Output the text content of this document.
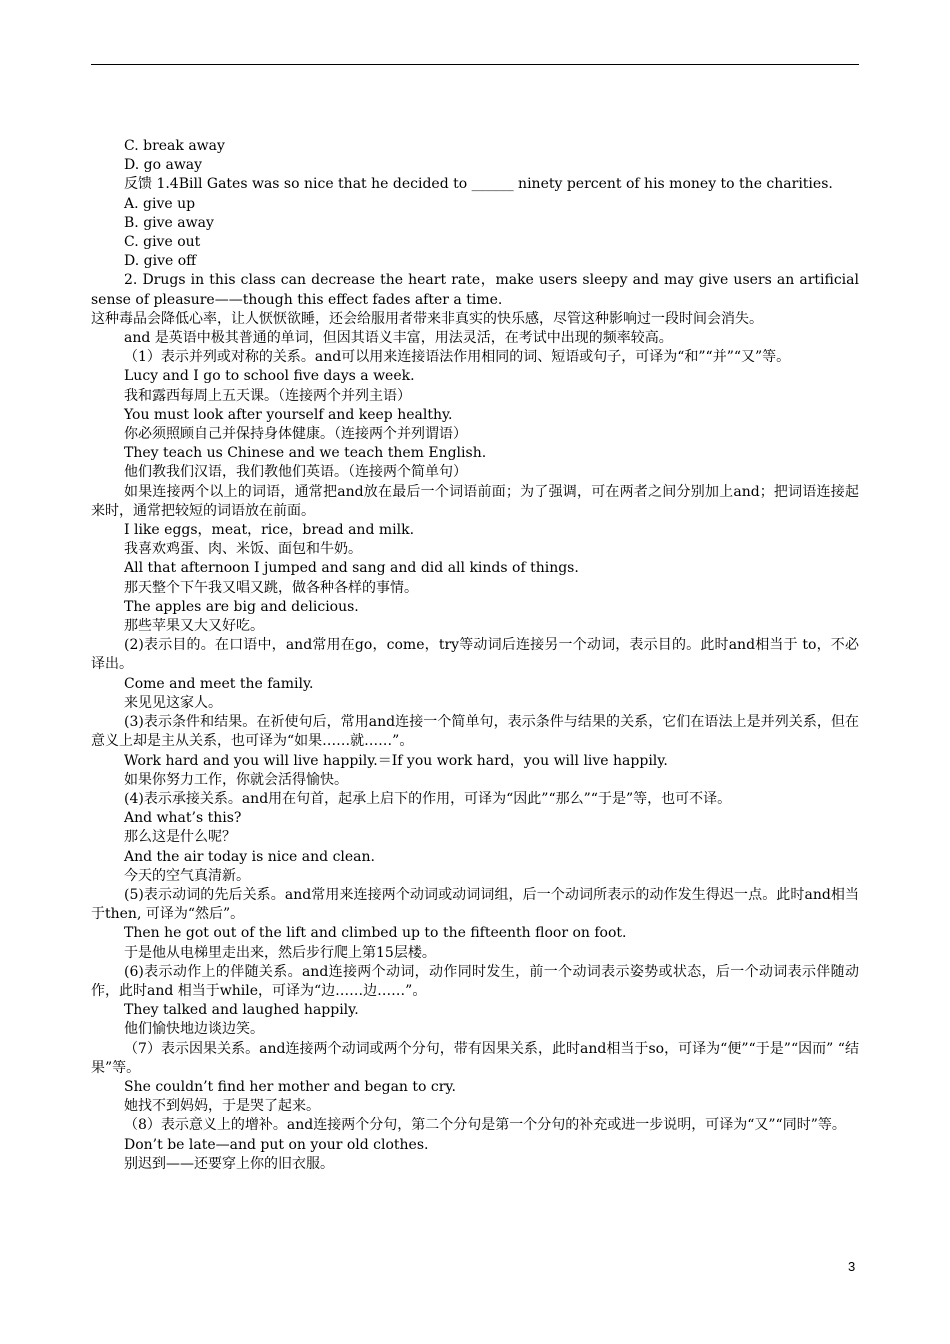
C. break away

D. go away

反馈 1.4Bill Gates was so nice that he decided to ______ ninety percent of his money to the charities.

A. give up

B. give away

C. give out

D. give off

2. Drugs in this class can decrease the heart rate，make users sleepy and may give users an artificial sense of pleasure——though this effect fades after a time.

这种毒品会降低心率，让人恹恹欲睡，还会给服用者带来非真实的快乐感，尽管这种影响过一段时间会消失。

and 是英语中极其普通的单词，但因其语义丰富，用法灵活，在考试中出现的频率较高。

（1）表示并列或对称的关系。and可以用来连接语法作用相同的词、短语或句子，可译为“和”“并”“又”等。

Lucy and I go to school five days a week.

我和露西每周上五天课。（连接两个并列主语）

You must look after yourself and keep healthy.

你必须照顾自己并保持身体健康。（连接两个并列谓语）

They teach us Chinese and we teach them English.

他们教我们汉语，我们教他们英语。（连接两个简单句）

如果连接两个以上的词语，通常把and放在最后一个词语前面；为了强调，可在两者之间分别加上and；把词语连接起来时，通常把较短的词语放在前面。

I like eggs，meat，rice，bread and milk.

我喜欢鸡蛋、肉、米饭、面包和牛奶。

All that afternoon I jumped and sang and did all kinds of things.

那天整个下午我又唱又跳，做各种各样的事情。

The apples are big and delicious.

那些苹果又大又好吃。

(2)表示目的。在口语中，and常用在go，come，try等动词后连接另一个动词，表示目的。此时and相当于 to，不必译出。

Come and meet the family.

来见见这家人。

(3)表示条件和结果。在祈使句后，常用and连接一个简单句，表示条件与结果的关系，它们在语法上是并列关系，但在意义上却是主从关系，也可译为“如果……就……”。

Work hard and you will live happily.＝If you work hard，you will live happily.

如果你努力工作，你就会活得愉快。

(4)表示承接关系。and用在句首，起承上启下的作用，可译为“因此”“那么”“于是”等，也可不译。

And what’s this?

那么这是什么呢？

And the air today is nice and clean.

今天的空气真清新。

(5)表示动词的先后关系。and常用来连接两个动词或动词词组，后一个动词所表示的动作发生得迟一点。此时and相当于then, 可译为“然后”。

Then he got out of the lift and climbed up to the fifteenth floor on foot.

于是他从电梯里走出来，然后步行爬上第15层楼。

(6)表示动作上的伴随关系。and连接两个动词，动作同时发生，前一个动词表示姿势或状态，后一个动词表示伴随动作，此时and 相当于while，可译为“边……边……”。

They talked and laughed happily.

他们愉快地边谈边笑。

（7）表示因果关系。and连接两个动词或两个分句，带有因果关系，此时and相当于so，可译为“便”“于是”“因而” “结果”等。

She couldn’t find her mother and began to cry.

她找不到妈妈，于是哭了起来。

（8）表示意义上的增补。and连接两个分句，第二个分句是第一个分句的补充或进一步说明，可译为“又”“同时”等。

Don’t be late—and put on your old clothes.

别迟到——还要穿上你的旧衣服。

3
